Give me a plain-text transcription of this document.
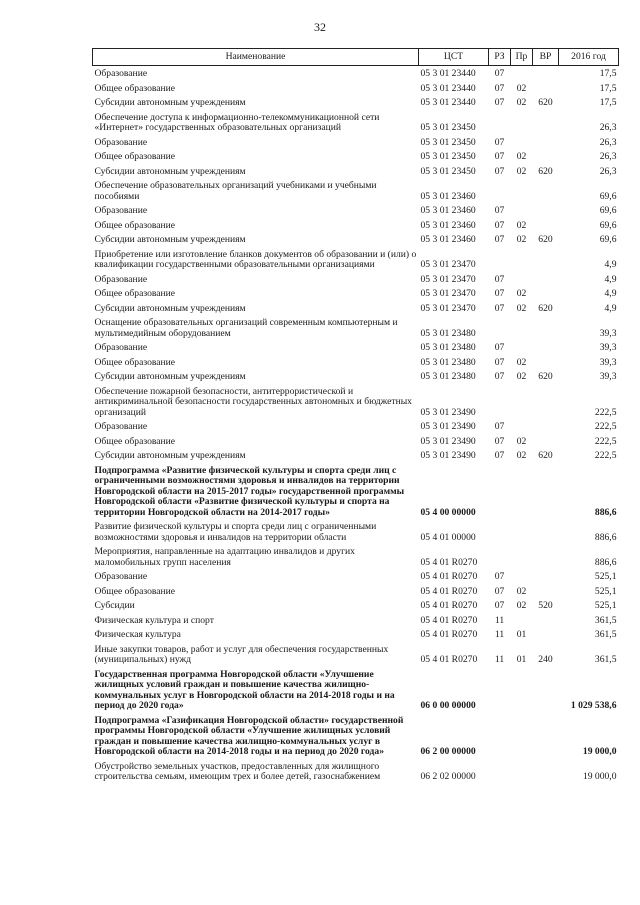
32
Наименование	ЦСТ	РЗ	Пр	ВР	2016 год
Образование	05 3 01 23440	07			17,5
Общее образование	05 3 01 23440	07	02		17,5
Субсидии автономным учреждениям	05 3 01 23440	07	02	620	17,5
Обеспечение доступа к информационно-телекоммуникационной сети «Интернет» государственных образовательных организаций	05 3 01 23450				26,3
Образование	05 3 01 23450	07			26,3
Общее образование	05 3 01 23450	07	02		26,3
Субсидии автономным учреждениям	05 3 01 23450	07	02	620	26,3
Обеспечение образовательных организаций учебниками и учебными пособиями	05 3 01 23460				69,6
Образование	05 3 01 23460	07			69,6
Общее образование	05 3 01 23460	07	02		69,6
Субсидии автономным учреждениям	05 3 01 23460	07	02	620	69,6
Приобретение или изготовление бланков документов об образовании и (или) о квалификации государственными образовательными организациями	05 3 01 23470				4,9
Образование	05 3 01 23470	07			4,9
Общее образование	05 3 01 23470	07	02		4,9
Субсидии автономным учреждениям	05 3 01 23470	07	02	620	4,9
Оснащение образовательных организаций современным компьютерным и мультимедийным оборудованием	05 3 01 23480				39,3
Образование	05 3 01 23480	07			39,3
Общее образование	05 3 01 23480	07	02		39,3
Субсидии автономным учреждениям	05 3 01 23480	07	02	620	39,3
Обеспечение пожарной безопасности, антитеррористической и антикриминальной безопасности государственных автономных и бюджетных организаций	05 3 01 23490				222,5
Образование	05 3 01 23490	07			222,5
Общее образование	05 3 01 23490	07	02		222,5
Субсидии автономным учреждениям	05 3 01 23490	07	02	620	222,5
Подпрограмма «Развитие физической культуры и спорта среди лиц с ограниченными возможностями здоровья и инвалидов на территории Новгородской области на 2015-2017 годы» государственной программы Новгородской области «Развитие физической культуры и спорта на территории Новгородской области на 2014-2017 годы»	05 4 00 00000				886,6
Развитие физической культуры и спорта среди лиц с ограниченными возможностями здоровья и инвалидов на территории области	05 4 01 00000				886,6
Мероприятия, направленные на адаптацию инвалидов и других маломобильных групп населения	05 4 01 R0270				886,6
Образование	05 4 01 R0270	07			525,1
Общее образование	05 4 01 R0270	07	02		525,1
Субсидии	05 4 01 R0270	07	02	520	525,1
Физическая культура и спорт	05 4 01 R0270	11			361,5
Физическая культура	05 4 01 R0270	11	01		361,5
Иные закупки товаров, работ и услуг для обеспечения государственных (муниципальных) нужд	05 4 01 R0270	11	01	240	361,5
Государственная программа Новгородской области «Улучшение жилищных условий граждан и повышение качества жилищно-коммунальных услуг в Новгородской области на 2014-2018 годы и на период до 2020 года»	06 0 00 00000				1 029 538,6
Подпрограмма «Газификация Новгородской области» государственной программы Новгородской области «Улучшение жилищных условий граждан и повышение качества жилищно-коммунальных услуг в Новгородской области на 2014-2018 годы и на период до 2020 года»	06 2 00 00000				19 000,0
Обустройство земельных участков, предоставленных для жилищного строительства семьям, имеющим трех и более детей, газоснабжением	06 2 02 00000				19 000,0
